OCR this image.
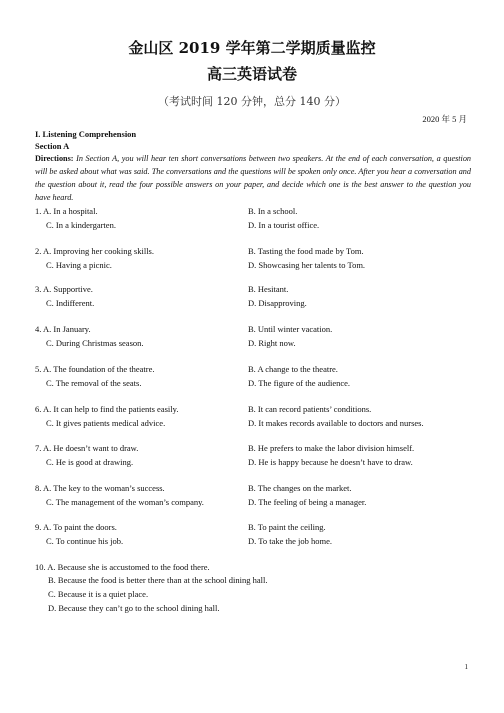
金山区 2019 学年第二学期质量监控
高三英语试卷
（考试时间 120 分钟，总分 140 分）
2020 年 5 月
I. Listening Comprehension
Section A
Directions: In Section A, you will hear ten short conversations between two speakers. At the end of each conversation, a question will be asked about what was said. The conversations and the questions will be spoken only once. After you hear a conversation and the question about it, read the four possible answers on your paper, and decide which one is the best answer to the question you have heard.
1. A. In a hospital.	B. In a school.
C. In a kindergarten.	D. In a tourist office.
2. A. Improving her cooking skills.	B. Tasting the food made by Tom.
C. Having a picnic.	D. Showcasing her talents to Tom.
3. A. Supportive.	B. Hesitant.
C. Indifferent.	D. Disapproving.
4. A. In January.	B. Until winter vacation.
C. During Christmas season.	D. Right now.
5. A. The foundation of the theatre.	B. A change to the theatre.
C. The removal of the seats.	D. The figure of the audience.
6. A. It can help to find the patients easily.	B. It can record patients’ conditions.
C. It gives patients medical advice.	D. It makes records available to doctors and nurses.
7. A. He doesn’t want to draw.	B. He prefers to make the labor division himself.
C. He is good at drawing.	D. He is happy because he doesn’t have to draw.
8. A. The key to the woman’s success.	B. The changes on the market.
C. The management of the woman’s company.	D. The feeling of being a manager.
9. A. To paint the doors.	B. To paint the ceiling.
C. To continue his job.	D. To take the job home.
10. A. Because she is accustomed to the food there.
B. Because the food is better there than at the school dining hall.
C. Because it is a quiet place.
D. Because they can’t go to the school dining hall.
1
